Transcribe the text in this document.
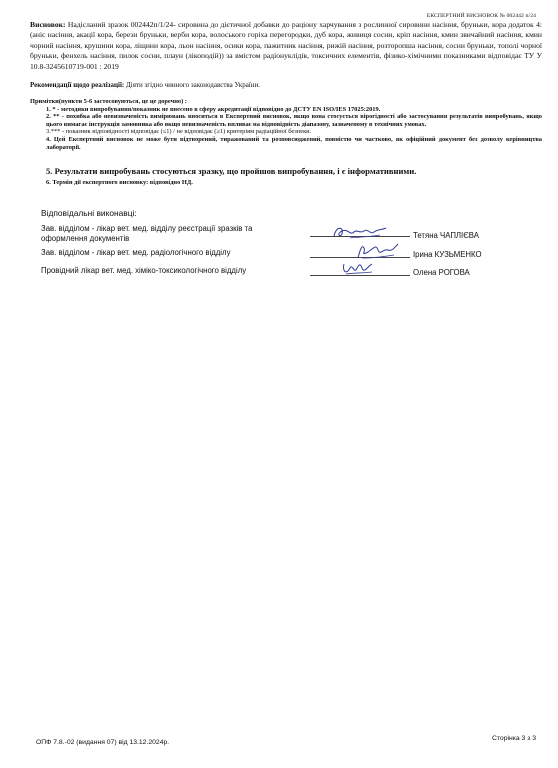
ЕКСПЕРТНИЙ ВИСНОВОК № 002442 п/24
Висновок: Надісланий зразок 002442п/1/24- сировина до дієтичної добавки до раціону харчування з рослинної сировини насіння, бруньки, кора додаток 4: (аніс насіння, акації кора, берези бруньки, верби кора, волоського горіха перегородки, дуб кора, живиця сосни, кріп насіння, кмин звичайний насіння, кмин чорний насіння, крушини кора, ліщини кора, льон насіння, осики кора, пажитник насіння, рижій насіння, розторопша насіння, сосни бруньки, тополі чорної бруньки, фенхель насіння, пилок сосни, плаун (лікоподій)) за вмістом радіонуклідів, токсичних елементів, фізико-хімічними показниками відповідає ТУ У 10.8-3245610719-001 : 2019
Рекомендації щодо реалізації: Діяти згідно чинного законодавства України.

Примітки(пункти 5-6 застосовуються, це це доречно) :

1. * - методики випробування/показник не внесено в сферу акредитації відповідно до ДСТУ EN ISO/IES 17025:2019.

2. ** - похибка або невизначеність вимірювань вноситься в Експертний висновок, якщо вона стосується вірогідності або застосування результатів випробувань, якщо цього вимагає інструкція замовника або якщо невизначеність впливає на відповідність діапазону, зазначеному в технічних умовах.

3.*** - показник відповідності відповідає (≤1) / не відповідає (≥1) критеріям радіаційної безпеки.

4. Цей Експертний висновок не може бути відтворений, тиражований та розповсюджений, повністю чи частково, як офіційний документ без дозволу керівництва лабораторії.

5. Результати випробувань стосуються зразку, що пройшов випробування, і є інформативними.
6. Термін дії експертного висновку: відповідно НД.
Відповідальні виконавці:
Зав. відділом - лікар вет. мед. відділу реєстрації зразків та оформлення документів	Тетяна ЧАПЛІЄВА
Зав. відділом - лікар вет. мед. радіологічного відділу	Ірина КУЗЬМЕНКО
Провідний лікар вет. мед. хіміко-токсикологічного відділу	Олена РОГОВА
ОПФ 7.8.-02 (видання 07) від 13.12.2024р.
Сторінка 3 з 3
